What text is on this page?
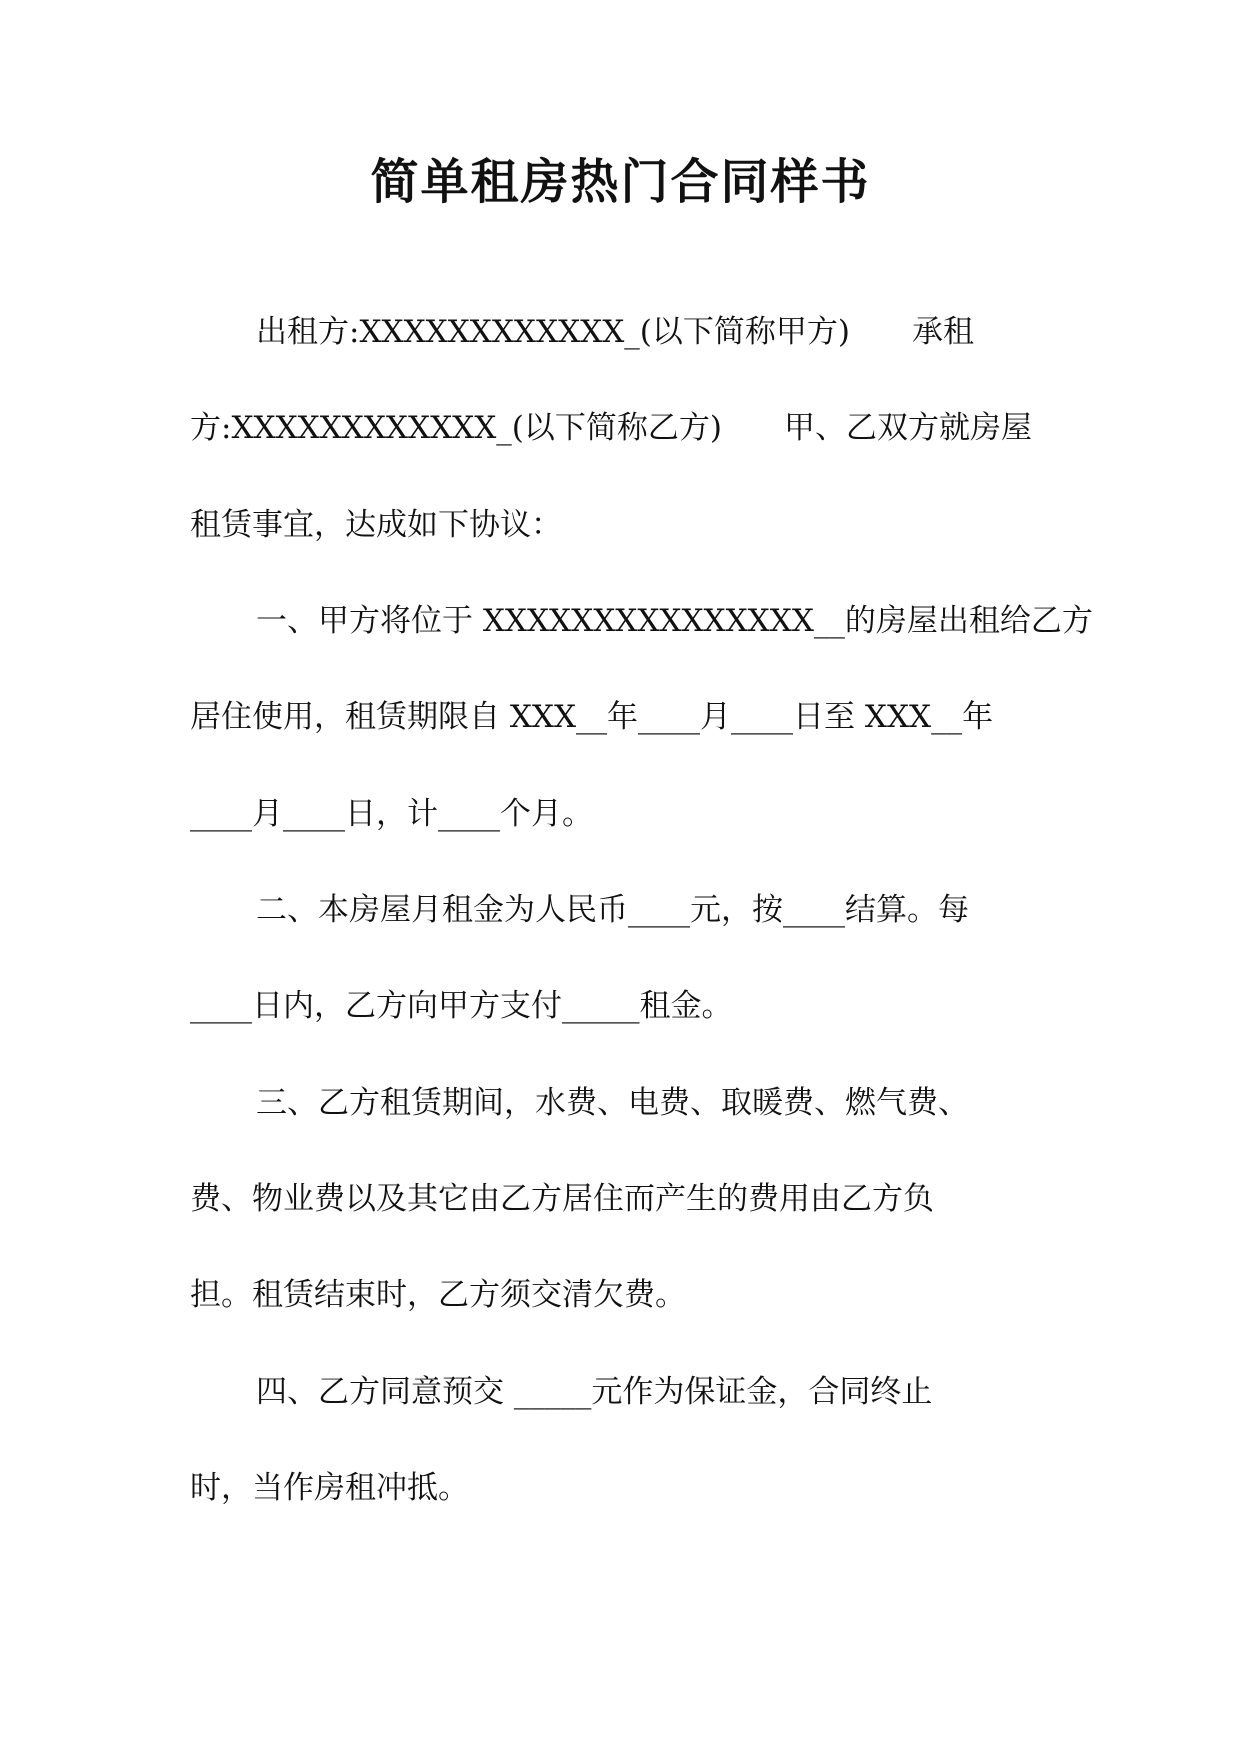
简单租房热门合同样书
出租方:XXXXXXXXXXXX_(以下简称甲方)　　承租
方:XXXXXXXXXXXX_(以下简称乙方)　　甲、乙双方就房屋
租赁事宜，达成如下协议：
一、甲方将位于 XXXXXXXXXXXXXXX__的房屋出租给乙方
居住使用，租赁期限自 XXX__年____月____日至 XXX__年
____月____日，计____个月。
二、本房屋月租金为人民币____元，按____结算。每
____日内，乙方向甲方支付_____租金。
三、乙方租赁期间，水费、电费、取暖费、燃气费、
费、物业费以及其它由乙方居住而产生的费用由乙方负
担。租赁结束时，乙方须交清欠费。
四、乙方同意预交 _____元作为保证金，合同终止
时，当作房租冲抵。
